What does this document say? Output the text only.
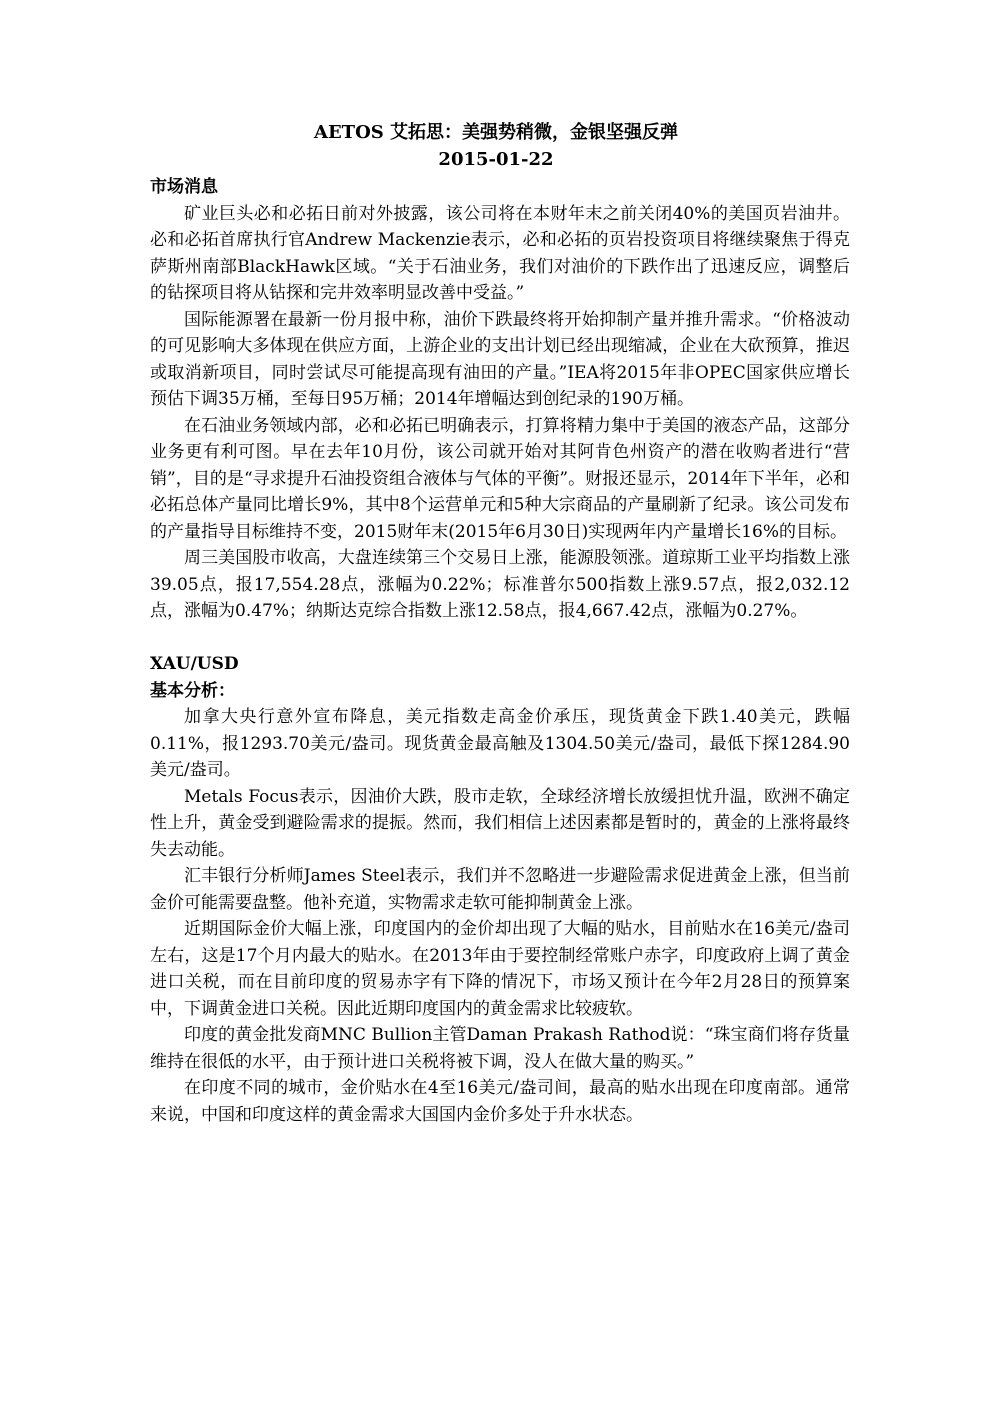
AETOS 艾拓思：美强势稍微，金银坚强反弹
2015-01-22
市场消息

矿业巨头必和必拓日前对外披露，该公司将在本财年末之前关闭40%的美国页岩油井。必和必拓首席执行官Andrew Mackenzie表示，必和必拓的页岩投资项目将继续聚焦于得克萨斯州南部BlackHawk区域。“关于石油业务，我们对油价的下跌作出了迅速反应，调整后的钻探项目将从钻探和完井效率明显改善中受益。”

国际能源署在最新一份月报中称，油价下跌最终将开始抑制产量并推升需求。“价格波动的可见影响大多体现在供应方面，上游企业的支出计划已经出现缩减，企业在大砍预算，推迟或取消新项目，同时尝试尽可能提高现有油田的产量。”IEA将2015年非OPEC国家供应增长预估下调35万桶，至每日95万桶；2014年增幅达到创纪录的190万桶。

在石油业务领域内部，必和必拓已明确表示，打算将精力集中于美国的液态产品，这部分业务更有利可图。早在去年10月份，该公司就开始对其阿肯色州资产的潜在收购者进行“营销”，目的是“寻求提升石油投资组合液体与气体的平衡”。财报还显示，2014年下半年，必和必拓总体产量同比增长9%，其中8个运营单元和5种大宗商品的产量刷新了纪录。该公司发布的产量指导目标维持不变，2015财年末(2015年6月30日)实现两年内产量增长16%的目标。

周三美国股市收高，大盘连续第三个交易日上涨，能源股领涨。道琼斯工业平均指数上涨39.05点，报17,554.28点，涨幅为0.22%；标准普尔500指数上涨9.57点，报2,032.12点，涨幅为0.47%；纳斯达克综合指数上涨12.58点，报4,667.42点，涨幅为0.27%。

XAU/USD
基本分析：

加拿大央行意外宣布降息，美元指数走高金价承压，现货黄金下跌1.40美元，跌幅0.11%，报1293.70美元/盎司。现货黄金最高触及1304.50美元/盎司，最低下探1284.90美元/盎司。

Metals Focus表示，因油价大跌，股市走软，全球经济增长放缓担忧升温，欧洲不确定性上升，黄金受到避险需求的提振。然而，我们相信上述因素都是暂时的，黄金的上涨将最终失去动能。

汇丰银行分析师James Steel表示，我们并不忽略进一步避险需求促进黄金上涨，但当前金价可能需要盘整。他补充道，实物需求走软可能抑制黄金上涨。

近期国际金价大幅上涨，印度国内的金价却出现了大幅的贴水，目前贴水在16美元/盎司左右，这是17个月内最大的贴水。在2013年由于要控制经常账户赤字，印度政府上调了黄金进口关税，而在目前印度的贸易赤字有下降的情况下，市场又预计在今年2月28日的预算案中，下调黄金进口关税。因此近期印度国内的黄金需求比较疲软。

印度的黄金批发商MNC Bullion主管Daman Prakash Rathod说：“珠宝商们将存货量维持在很低的水平，由于预计进口关税将被下调，没人在做大量的购买。”

在印度不同的城市，金价贴水在4至16美元/盎司间，最高的贴水出现在印度南部。通常来说，中国和印度这样的黄金需求大国国内金价多处于升水状态。
